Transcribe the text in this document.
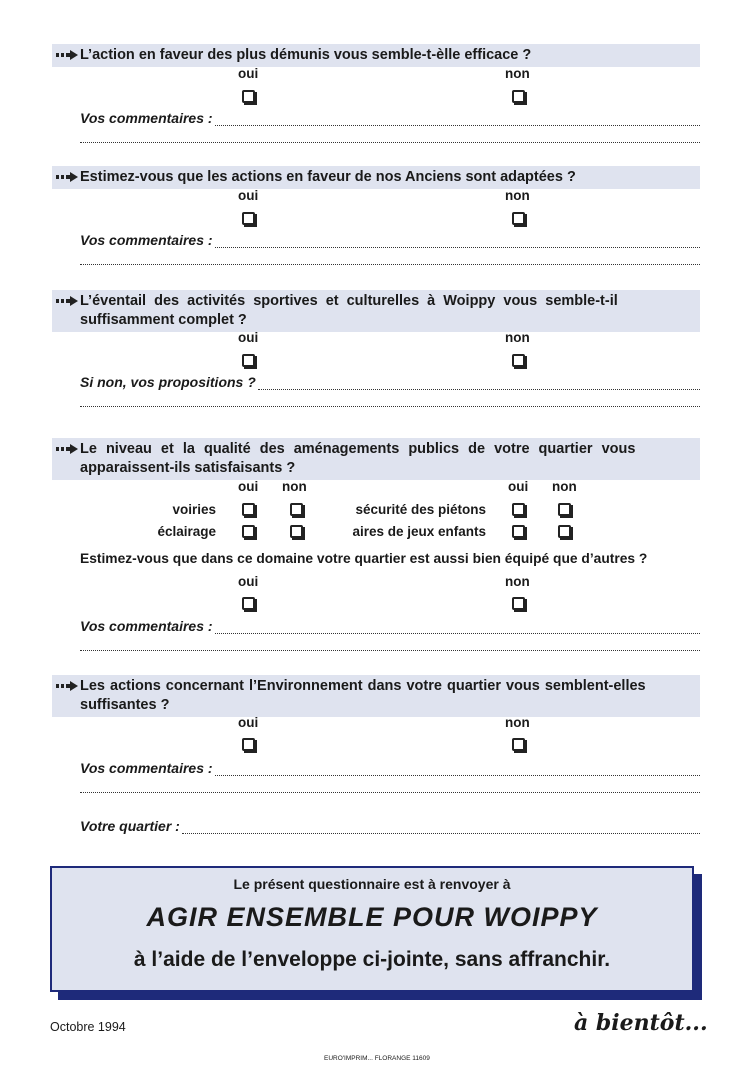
L’action en faveur des plus démunis vous semble-t-èlle efficace ?
oui	non
Vos commentaires :
Estimez-vous que les actions en faveur de nos Anciens sont adaptées ?
oui	non
Vos commentaires :
L’éventail des activités sportives et culturelles à Woippy vous semble-t-il
suffisamment complet ?
oui	non
Si non, vos propositions ?
Le niveau et la qualité des aménagements publics de votre quartier vous
apparaissent-ils satisfaisants ?
oui non	oui non
voiries	sécurité des piétons
éclairage	aires de jeux enfants
Estimez-vous que dans ce domaine votre quartier est aussi bien équipé que d’autres ?
oui	non
Vos commentaires :
Les actions concernant l’Environnement dans votre quartier vous semblent-elles
suffisantes ?
oui	non
Vos commentaires :
Votre quartier :
Le présent questionnaire est à renvoyer à
AGIR ENSEMBLE POUR WOIPPY
à l’aide de l’enveloppe ci-jointe, sans affranchir.
Octobre 1994	à bientôt...
EURO'IMPRIM... FLORANGE 11609
